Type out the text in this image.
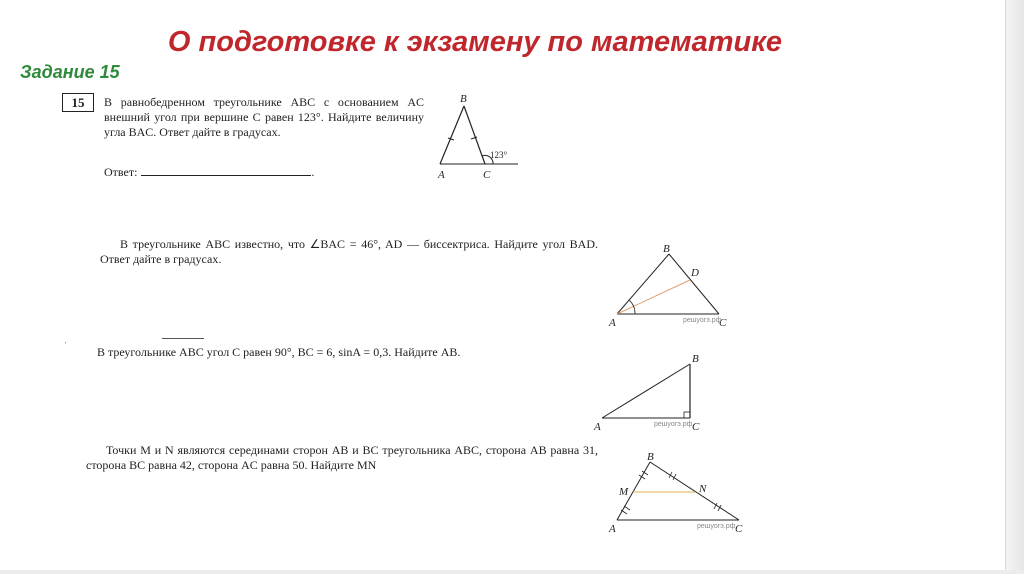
О подготовке к экзамену по математике
Задание 15
15	В равнобедренном треугольнике ABC с основанием AC внешний угол при вершине C равен 123°. Найдите величину угла BAC. Ответ дайте в градусах.
Ответ:	.
B
A	C
123°
В треугольнике ABC известно, что ∠BAC = 46°, AD — биссектриса. Найдите угол BAD. Ответ дайте в градусах.
B
D
A	C
решуогэ.рф
ˌ
В треугольнике ABC угол C равен 90°, BC = 6, sinA = 0,3. Найдите AB.	B
A	C
решуогэ.рф
Точки M и N являются серединами сторон AB и BC треугольника ABC, сторона AB равна 31, сторона BC равна 42, сторона AC равна 50. Найдите MN
B
M	N
A	C
решуогэ.рф
